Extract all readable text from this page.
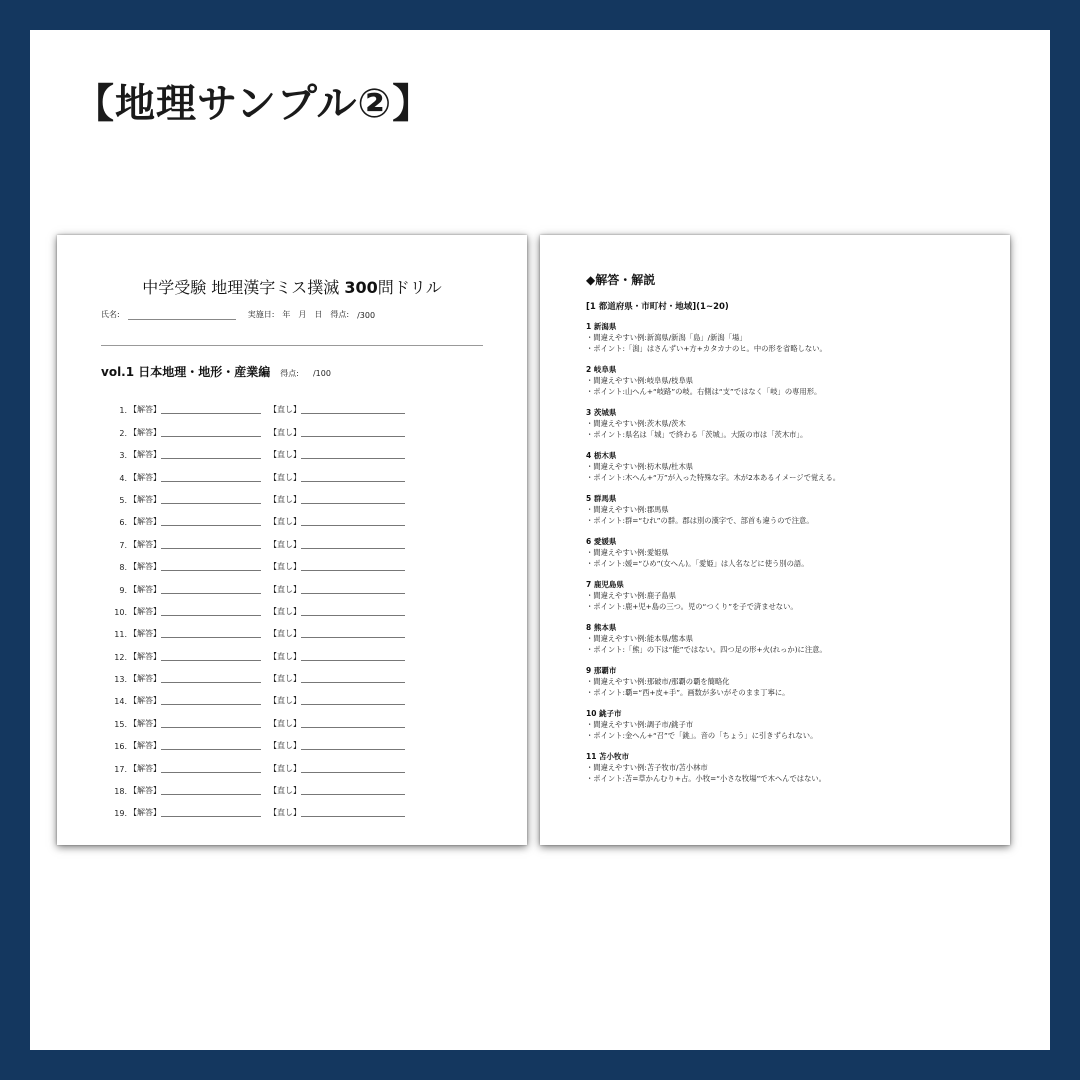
【地理サンプル②】
中学受験 地理漢字ミス撲滅 300問ドリル
氏名:	実施日: 年 月 日 得点: /300
vol.1 日本地理・地形・産業編 得点: /100
1. 【解答】	【直し】
2. 【解答】	【直し】
3. 【解答】	【直し】
4. 【解答】	【直し】
5. 【解答】	【直し】
6. 【解答】	【直し】
7. 【解答】	【直し】
8. 【解答】	【直し】
9. 【解答】	【直し】
10. 【解答】	【直し】
11. 【解答】	【直し】
12. 【解答】	【直し】
13. 【解答】	【直し】
14. 【解答】	【直し】
15. 【解答】	【直し】
16. 【解答】	【直し】
17. 【解答】	【直し】
18. 【解答】	【直し】
19. 【解答】	【直し】
◆解答・解説
[1 都道府県・市町村・地域](1~20)
1 新潟県
・間違えやすい例:新瀉県/新潟「島」/新潟「場」
・ポイント:「潟」はさんずい+方+カタカナのヒ。中の形を省略しない。
2 岐阜県
・間違えやすい例:岐阜県/枝阜県
・ポイント:山へん+“岐路”の岐。右側は“支”ではなく「岐」の専用形。
3 茨城県
・間違えやすい例:茨木県/茨木
・ポイント:県名は「城」で終わる「茨城」。大阪の市は「茨木市」。
4 栃木県
・間違えやすい例:杤木県/杜木県
・ポイント:木へん+“万”が入った特殊な字。木が2本あるイメージで覚える。
5 群馬県
・間違えやすい例:郡馬県
・ポイント:群=“むれ”の群。郡は別の漢字で、部首も違うので注意。
6 愛媛県
・間違えやすい例:愛姫県
・ポイント:媛=“ひめ”(女へん)。「愛姫」は人名などに使う別の語。
7 鹿児島県
・間違えやすい例:鹿子島県
・ポイント:鹿+児+島の三つ。児の“つくり”を子で済ませない。
8 熊本県
・間違えやすい例:能本県/態本県
・ポイント:「熊」の下は“能”ではない。四つ足の形+火(れっか)に注意。
9 那覇市
・間違えやすい例:那破市/那覇の覇を簡略化
・ポイント:覇=“西+皮+手”。画数が多いがそのまま丁寧に。
10 銚子市
・間違えやすい例:調子市/銚子市
・ポイント:金へん+“召”で「銚」。音の「ちょう」に引きずられない。
11 苫小牧市
・間違えやすい例:苫子牧市/苫小林市
・ポイント:苫=草かんむり+占。小牧=“小さな牧場”で木へんではない。
